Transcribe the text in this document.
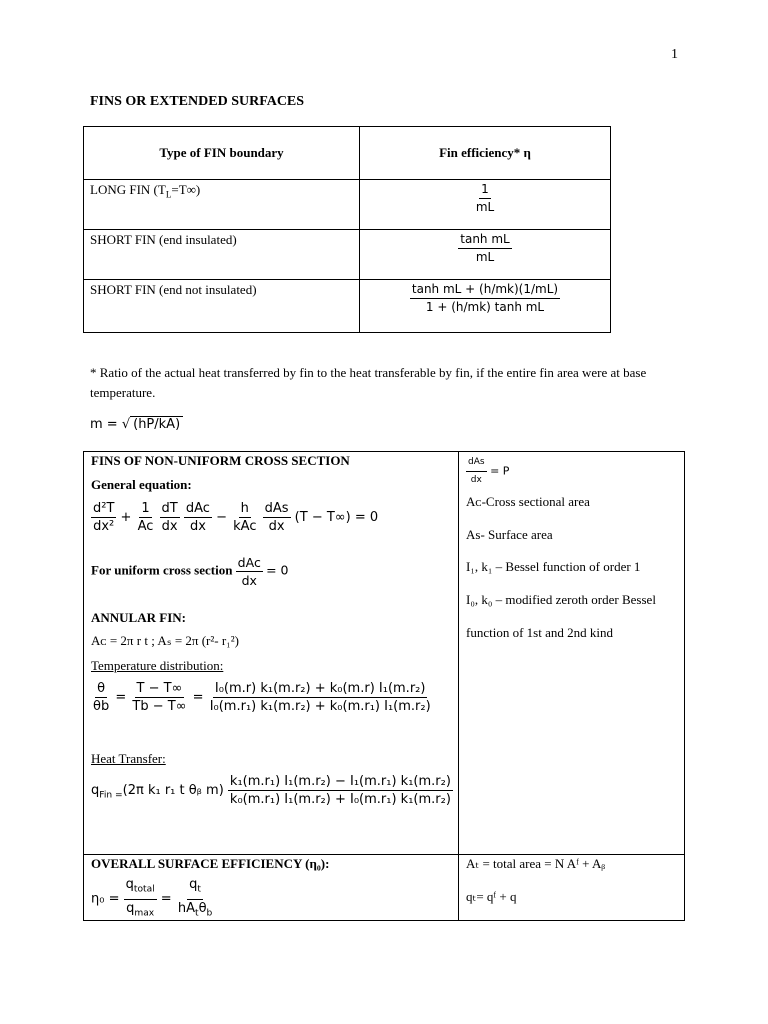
1
FINS OR EXTENDED SURFACES
Type of FIN boundary	Fin efficiency* η
LONG FIN $(T_L=T\infty)$	$\frac{1}{mL}$

SHORT FIN (end insulated)	$\frac{\text{tanh mL}}{mL}$

SHORT FIN (end not insulated)	$\frac{\text{tanh mL + (h/mk)(1/mL)}}{\text{1 + (h/mk) tanh mL}}$
* Ratio of the actual heat transferred by fin to the heat transferable by fin, if the entire fin area were at base temperature.
m = √ (hP/kA)
FINS OF NON-UNIFORM CROSS SECTION
General equation:
$\frac{\text{d²T}}{\text{dx²}} + \frac{1}{Ac}$
$\frac{dT}{dx}$
$\frac{\text{dAc}}{dx} - \frac{h}{\text{kAc}}$
$\frac{\text{dAs}}{dx} (T - T\infty) = 0$
For uniform cross section $\frac{\text{dAc}}{dx} = 0$
ANNULAR FIN:
Aᴄ = 2π r t ; Aₛ = 2π (r²- r₁²)
Temperature distribution:
$\frac{\theta}{\theta b} = \frac{T - T\infty}{Tb - T\infty} = \frac{\text{I₀(m.r) k₁(m.r₂) + k₀(m.r) I₁(m.r₂)}}{\text{I₀(m.r₁) k₁(m.r₂) + k₀(m.r₁) I₁(m.r₂)}}$
Heat Transfer:
$q_{Fin =}(2\pi$ k₁ r₁ t θᵦ $m) \frac{\text{k₁(m.r₁) I₁(m.r₂) − I₁(m.r₁) k₁(m.r₂)}}{\text{k₀(m.r₁) I₁(m.r₂) + I₀(m.r₁) k₁(m.r₂)}}$
$\frac{\text{dAs}}{dx} = P$
Aᴄ-Cross sectional area
As- Surface area
I₁, k₁ – Bessel function of order 1
I₀, k₀ – modified zeroth order Bessel
function of 1st and 2nd kind
OVERALL SURFACE EFFICIENCY (η₀):
$\eta_0 = \frac{q_{total}}{q_{max}} = \frac{q_t}{hA_t\theta_b}$
Aₜ = total area = N Aᶠ + Aᵦ
qₜ= qᶠ + q
